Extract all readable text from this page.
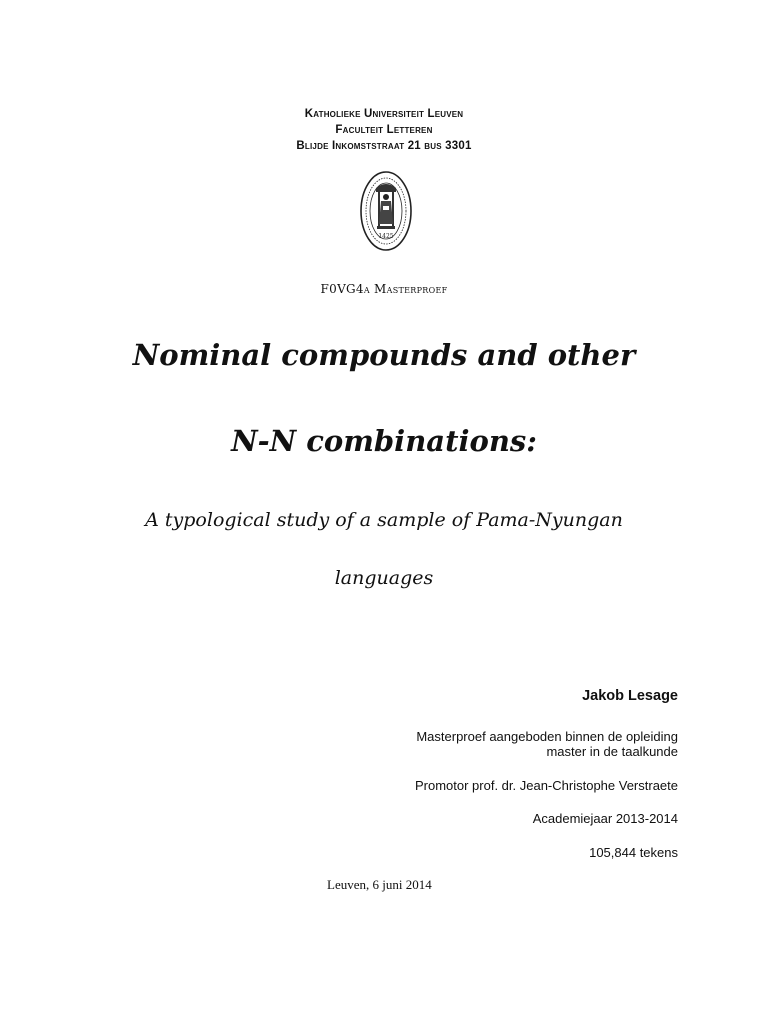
Katholieke Universiteit Leuven
Faculteit Letteren
Blijde Inkomststraat 21 bus 3301
1425
F0VG4a Masterproef
Nominal compounds and other
N-N combinations:
A typological study of a sample of Pama-Nyungan
languages
Jakob Lesage
Masterproef aangeboden binnen de opleiding
master in de taalkunde
Promotor prof. dr. Jean-Christophe Verstraete
Academiejaar 2013-2014
105,844 tekens
Leuven, 6 juni 2014
